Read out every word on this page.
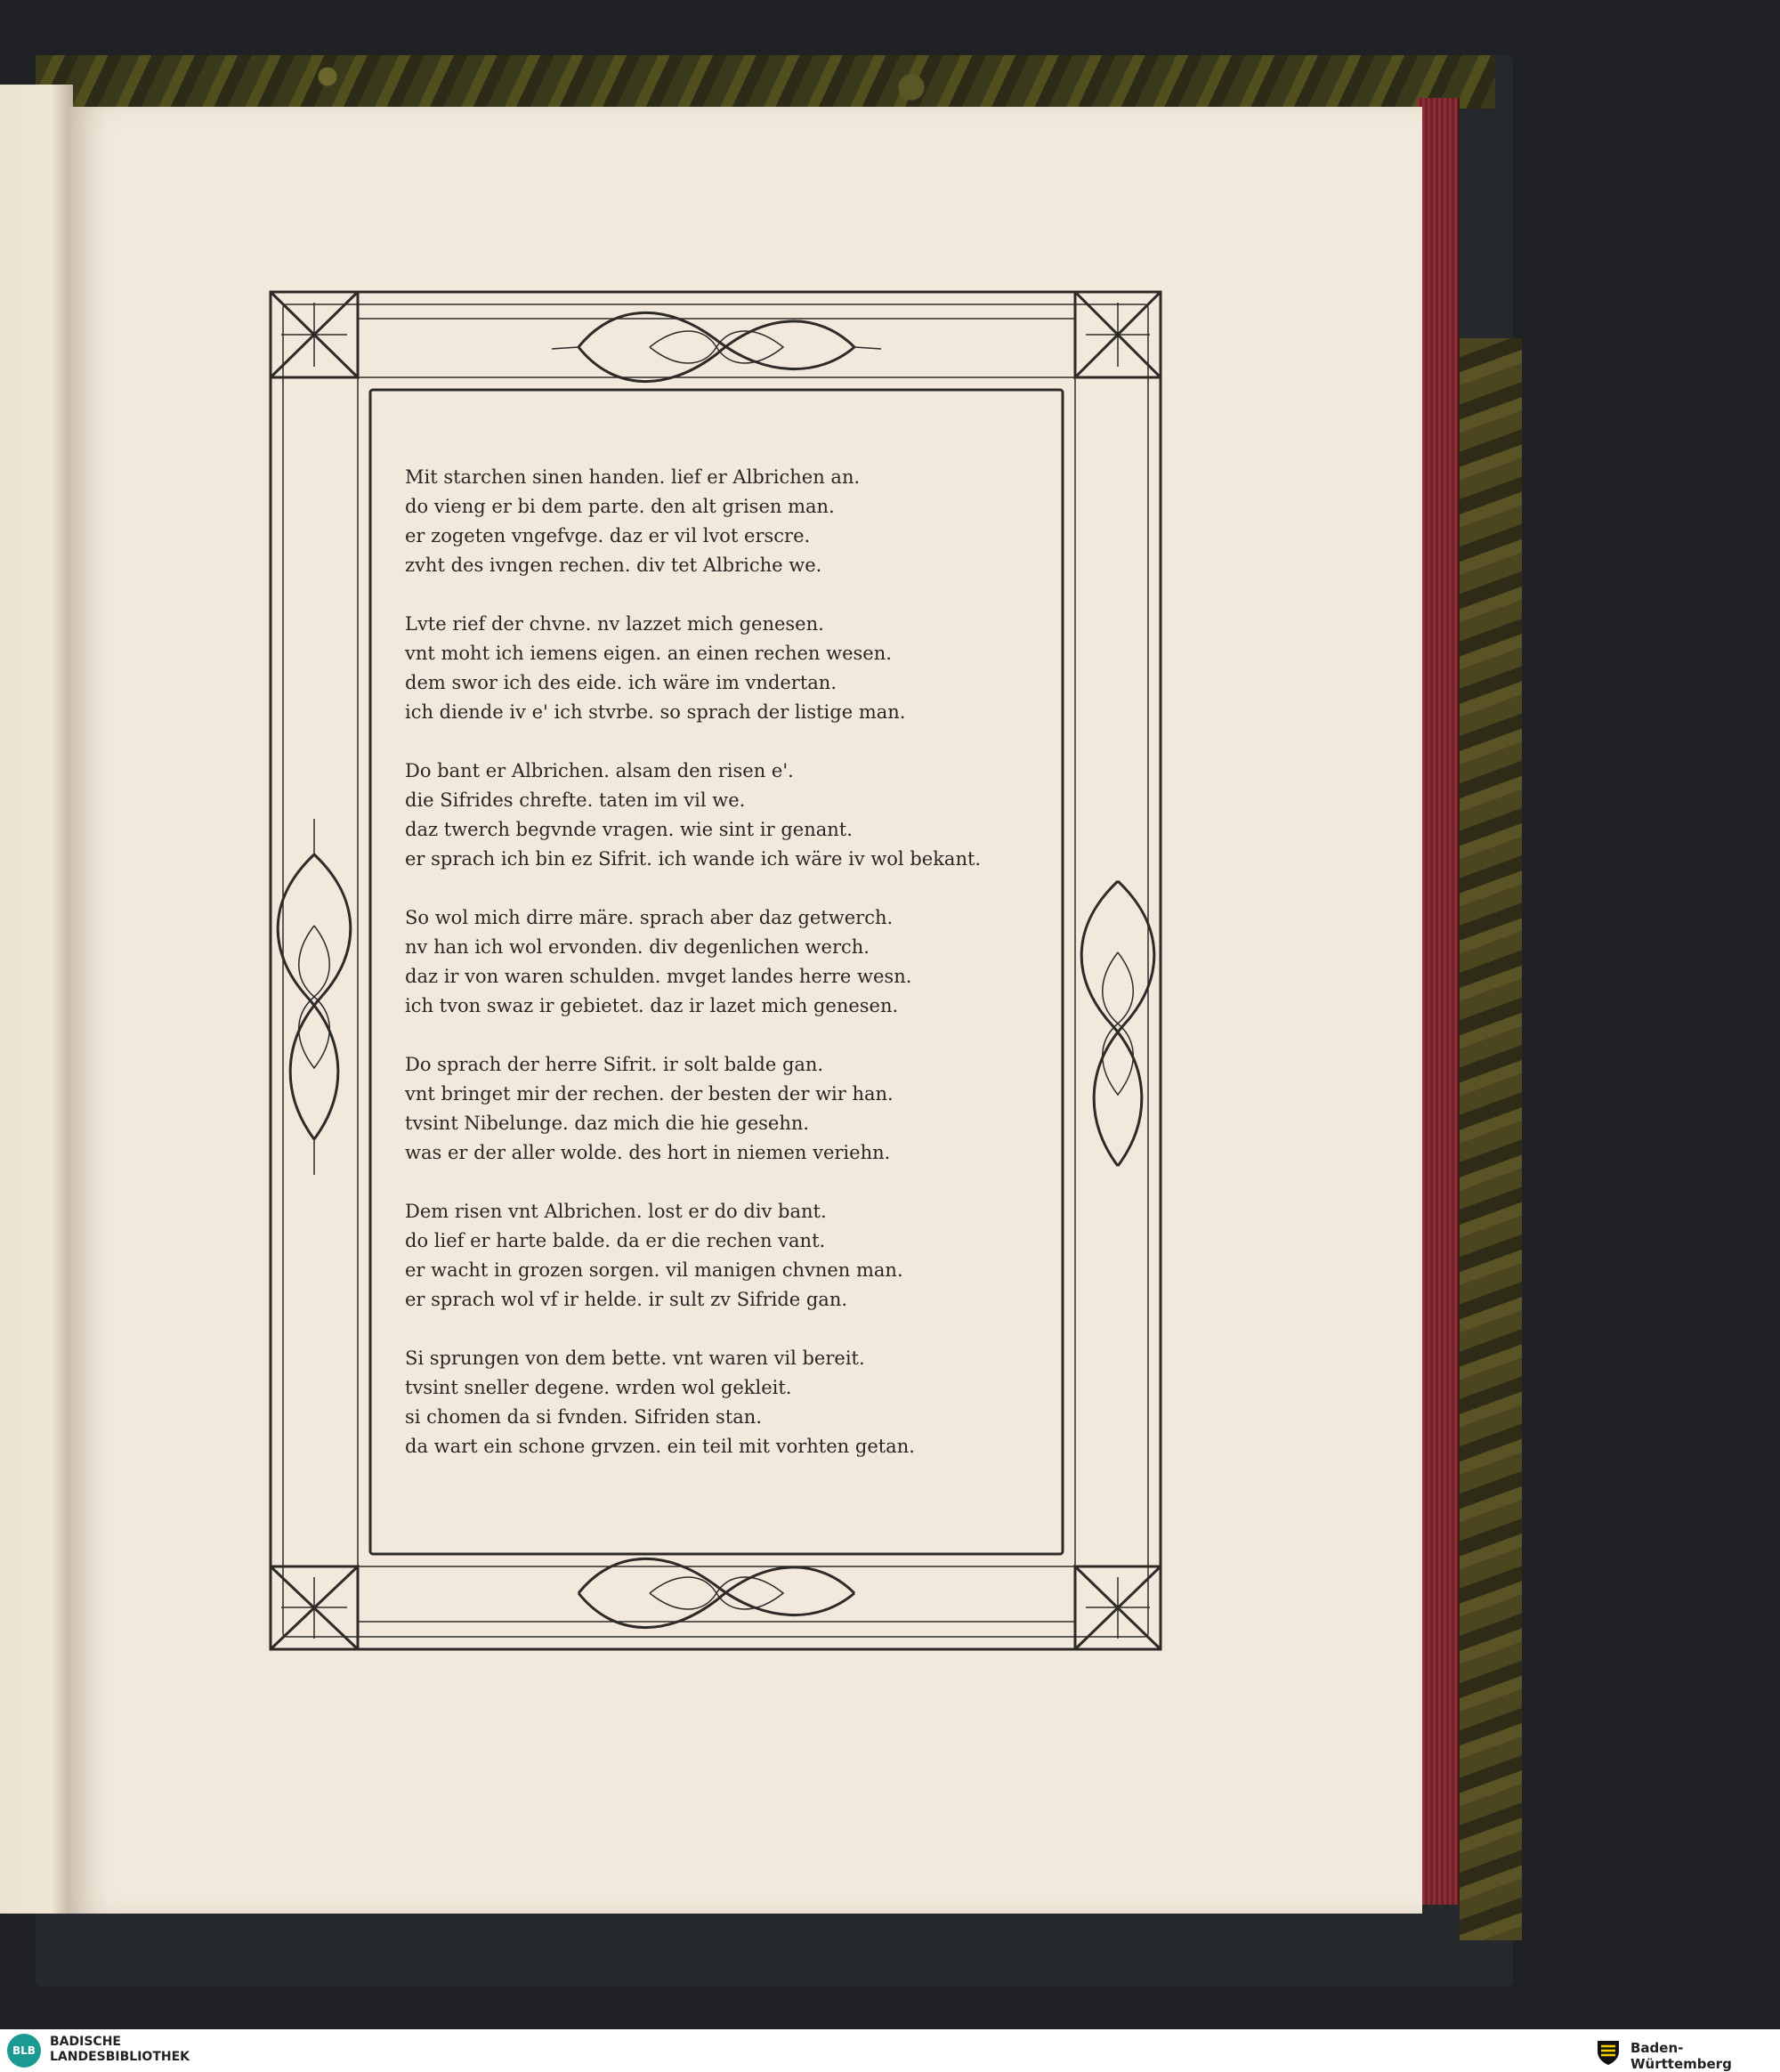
Mit starchen sinen handen. lief er Albrichen an.
do vieng er bi dem parte. den alt grisen man.
er zogeten vngefvge. daz er vil lvot erscre.
zvht des ivngen rechen. div tet Albriche we.
Lvte rief der chvne. nv lazzet mich genesen.
vnt moht ich iemens eigen. an einen rechen wesen.
dem swor ich des eide. ich wäre im vndertan.
ich diende iv e' ich stvrbe. so sprach der listige man.
Do bant er Albrichen. alsam den risen e'.
die Sifrides chrefte. taten im vil we.
daz twerch begvnde vragen. wie sint ir genant.
er sprach ich bin ez Sifrit. ich wande ich wäre iv wol bekant.
So wol mich dirre märe. sprach aber daz getwerch.
nv han ich wol ervonden. div degenlichen werch.
daz ir von waren schulden. mvget landes herre wesn.
ich tvon swaz ir gebietet. daz ir lazet mich genesen.
Do sprach der herre Sifrit. ir solt balde gan.
vnt bringet mir der rechen. der besten der wir han.
tvsint Nibelunge. daz mich die hie gesehn.
was er der aller wolde. des hort in niemen veriehn.
Dem risen vnt Albrichen. lost er do div bant.
do lief er harte balde. da er die rechen vant.
er wacht in grozen sorgen. vil manigen chvnen man.
er sprach wol vf ir helde. ir sult zv Sifride gan.
Si sprungen von dem bette. vnt waren vil bereit.
tvsint sneller degene. wrden wol gekleit.
si chomen da si fvnden. Sifriden stan.
da wart ein schone grvzen. ein teil mit vorhten getan.
BLB
BADISCHE
LANDESBIBLIOTHEK
Baden-Württemberg
